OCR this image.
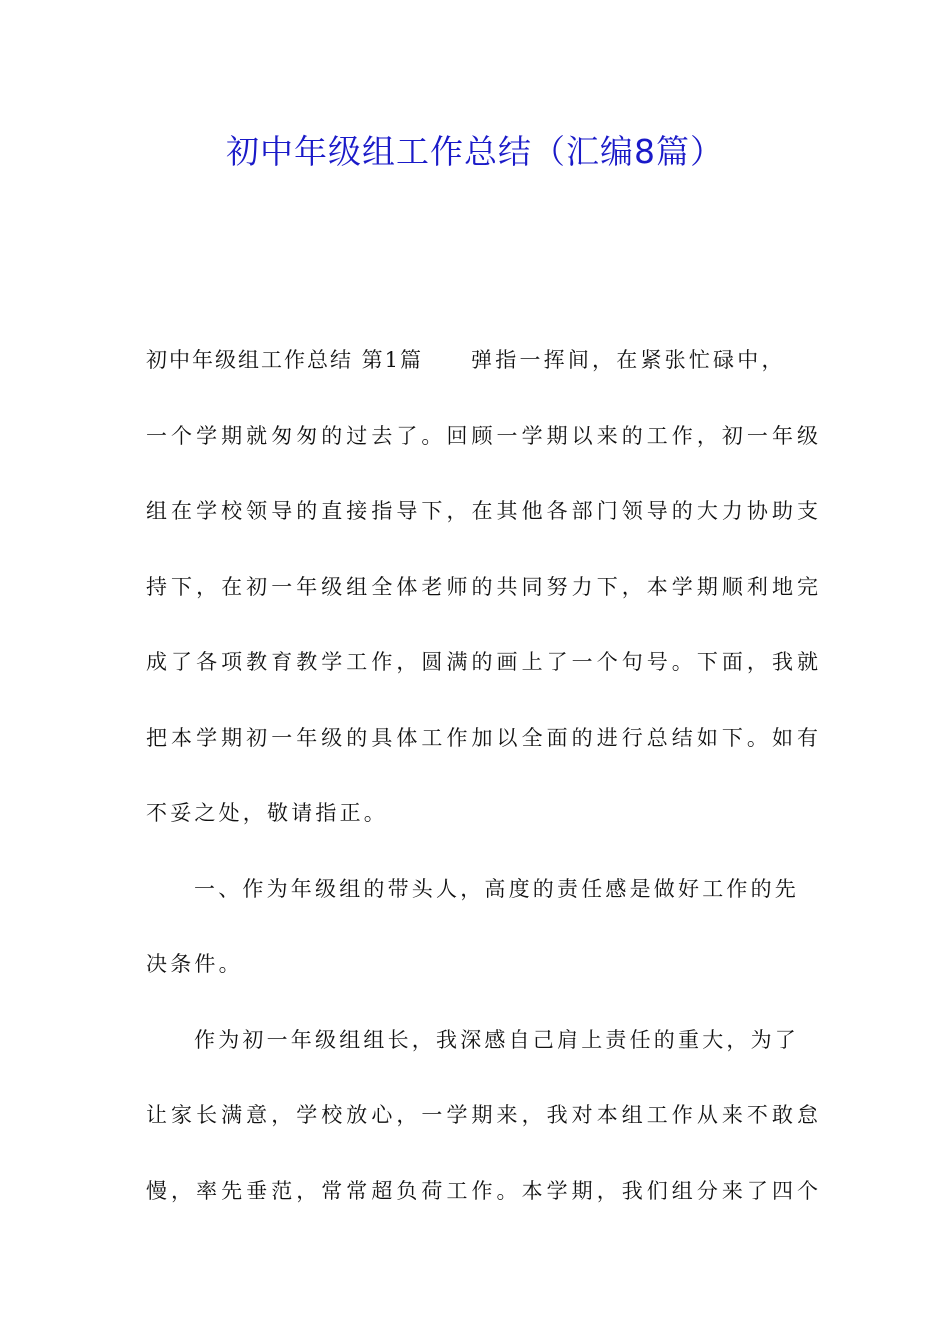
初中年级组工作总结（汇编8篇）
初中年级组工作总结 第1篇 弹指一挥间，在紧张忙碌中，
一个学期就匆匆的过去了。回顾一学期以来的工作，初一年级
组在学校领导的直接指导下，在其他各部门领导的大力协助支
持下，在初一年级组全体老师的共同努力下，本学期顺利地完
成了各项教育教学工作，圆满的画上了一个句号。下面，我就
把本学期初一年级的具体工作加以全面的进行总结如下。如有
不妥之处，敬请指正。
一、作为年级组的带头人，高度的责任感是做好工作的先
决条件。
作为初一年级组组长，我深感自己肩上责任的重大，为了
让家长满意，学校放心，一学期来，我对本组工作从来不敢怠
慢，率先垂范，常常超负荷工作。本学期，我们组分来了四个
